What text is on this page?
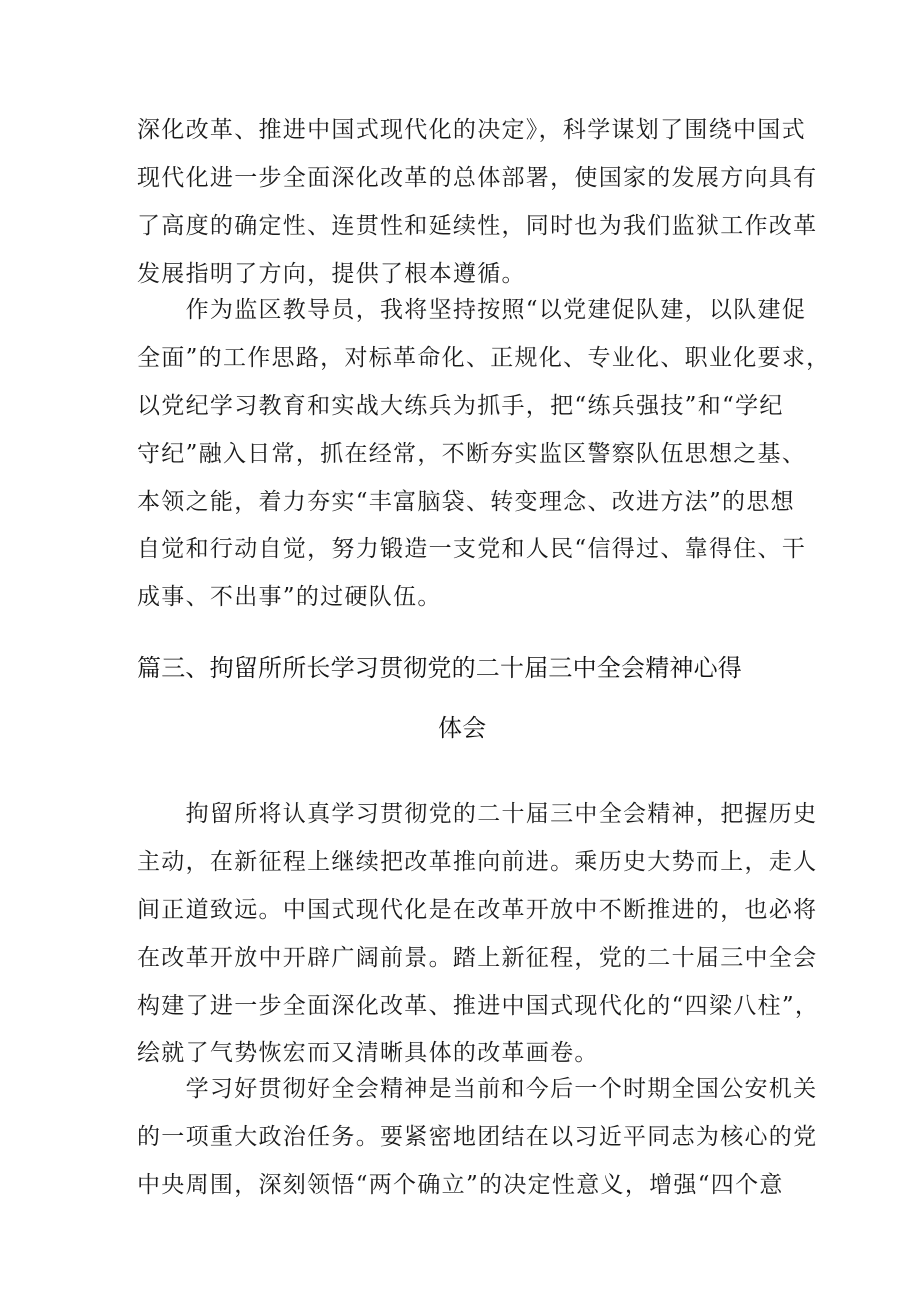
深化改革、推进中国式现代化的决定》，科学谋划了围绕中国式
现代化进一步全面深化改革的总体部署，使国家的发展方向具有
了高度的确定性、连贯性和延续性，同时也为我们监狱工作改革
发展指明了方向，提供了根本遵循。
　　作为监区教导员，我将坚持按照“以党建促队建，以队建促
全面”的工作思路，对标革命化、正规化、专业化、职业化要求，
以党纪学习教育和实战大练兵为抓手，把“练兵强技”和“学纪
守纪”融入日常，抓在经常，不断夯实监区警察队伍思想之基、
本领之能，着力夯实“丰富脑袋、转变理念、改进方法”的思想
自觉和行动自觉，努力锻造一支党和人民“信得过、靠得住、干
成事、不出事”的过硬队伍。
篇三、拘留所所长学习贯彻党的二十届三中全会精神心得
体会
　　拘留所将认真学习贯彻党的二十届三中全会精神，把握历史
主动，在新征程上继续把改革推向前进。乘历史大势而上，走人
间正道致远。中国式现代化是在改革开放中不断推进的，也必将
在改革开放中开辟广阔前景。踏上新征程，党的二十届三中全会
构建了进一步全面深化改革、推进中国式现代化的“四梁八柱”，
绘就了气势恢宏而又清晰具体的改革画卷。
　　学习好贯彻好全会精神是当前和今后一个时期全国公安机关
的一项重大政治任务。要紧密地团结在以习近平同志为核心的党
中央周围，深刻领悟“两个确立”的决定性意义，增强“四个意
